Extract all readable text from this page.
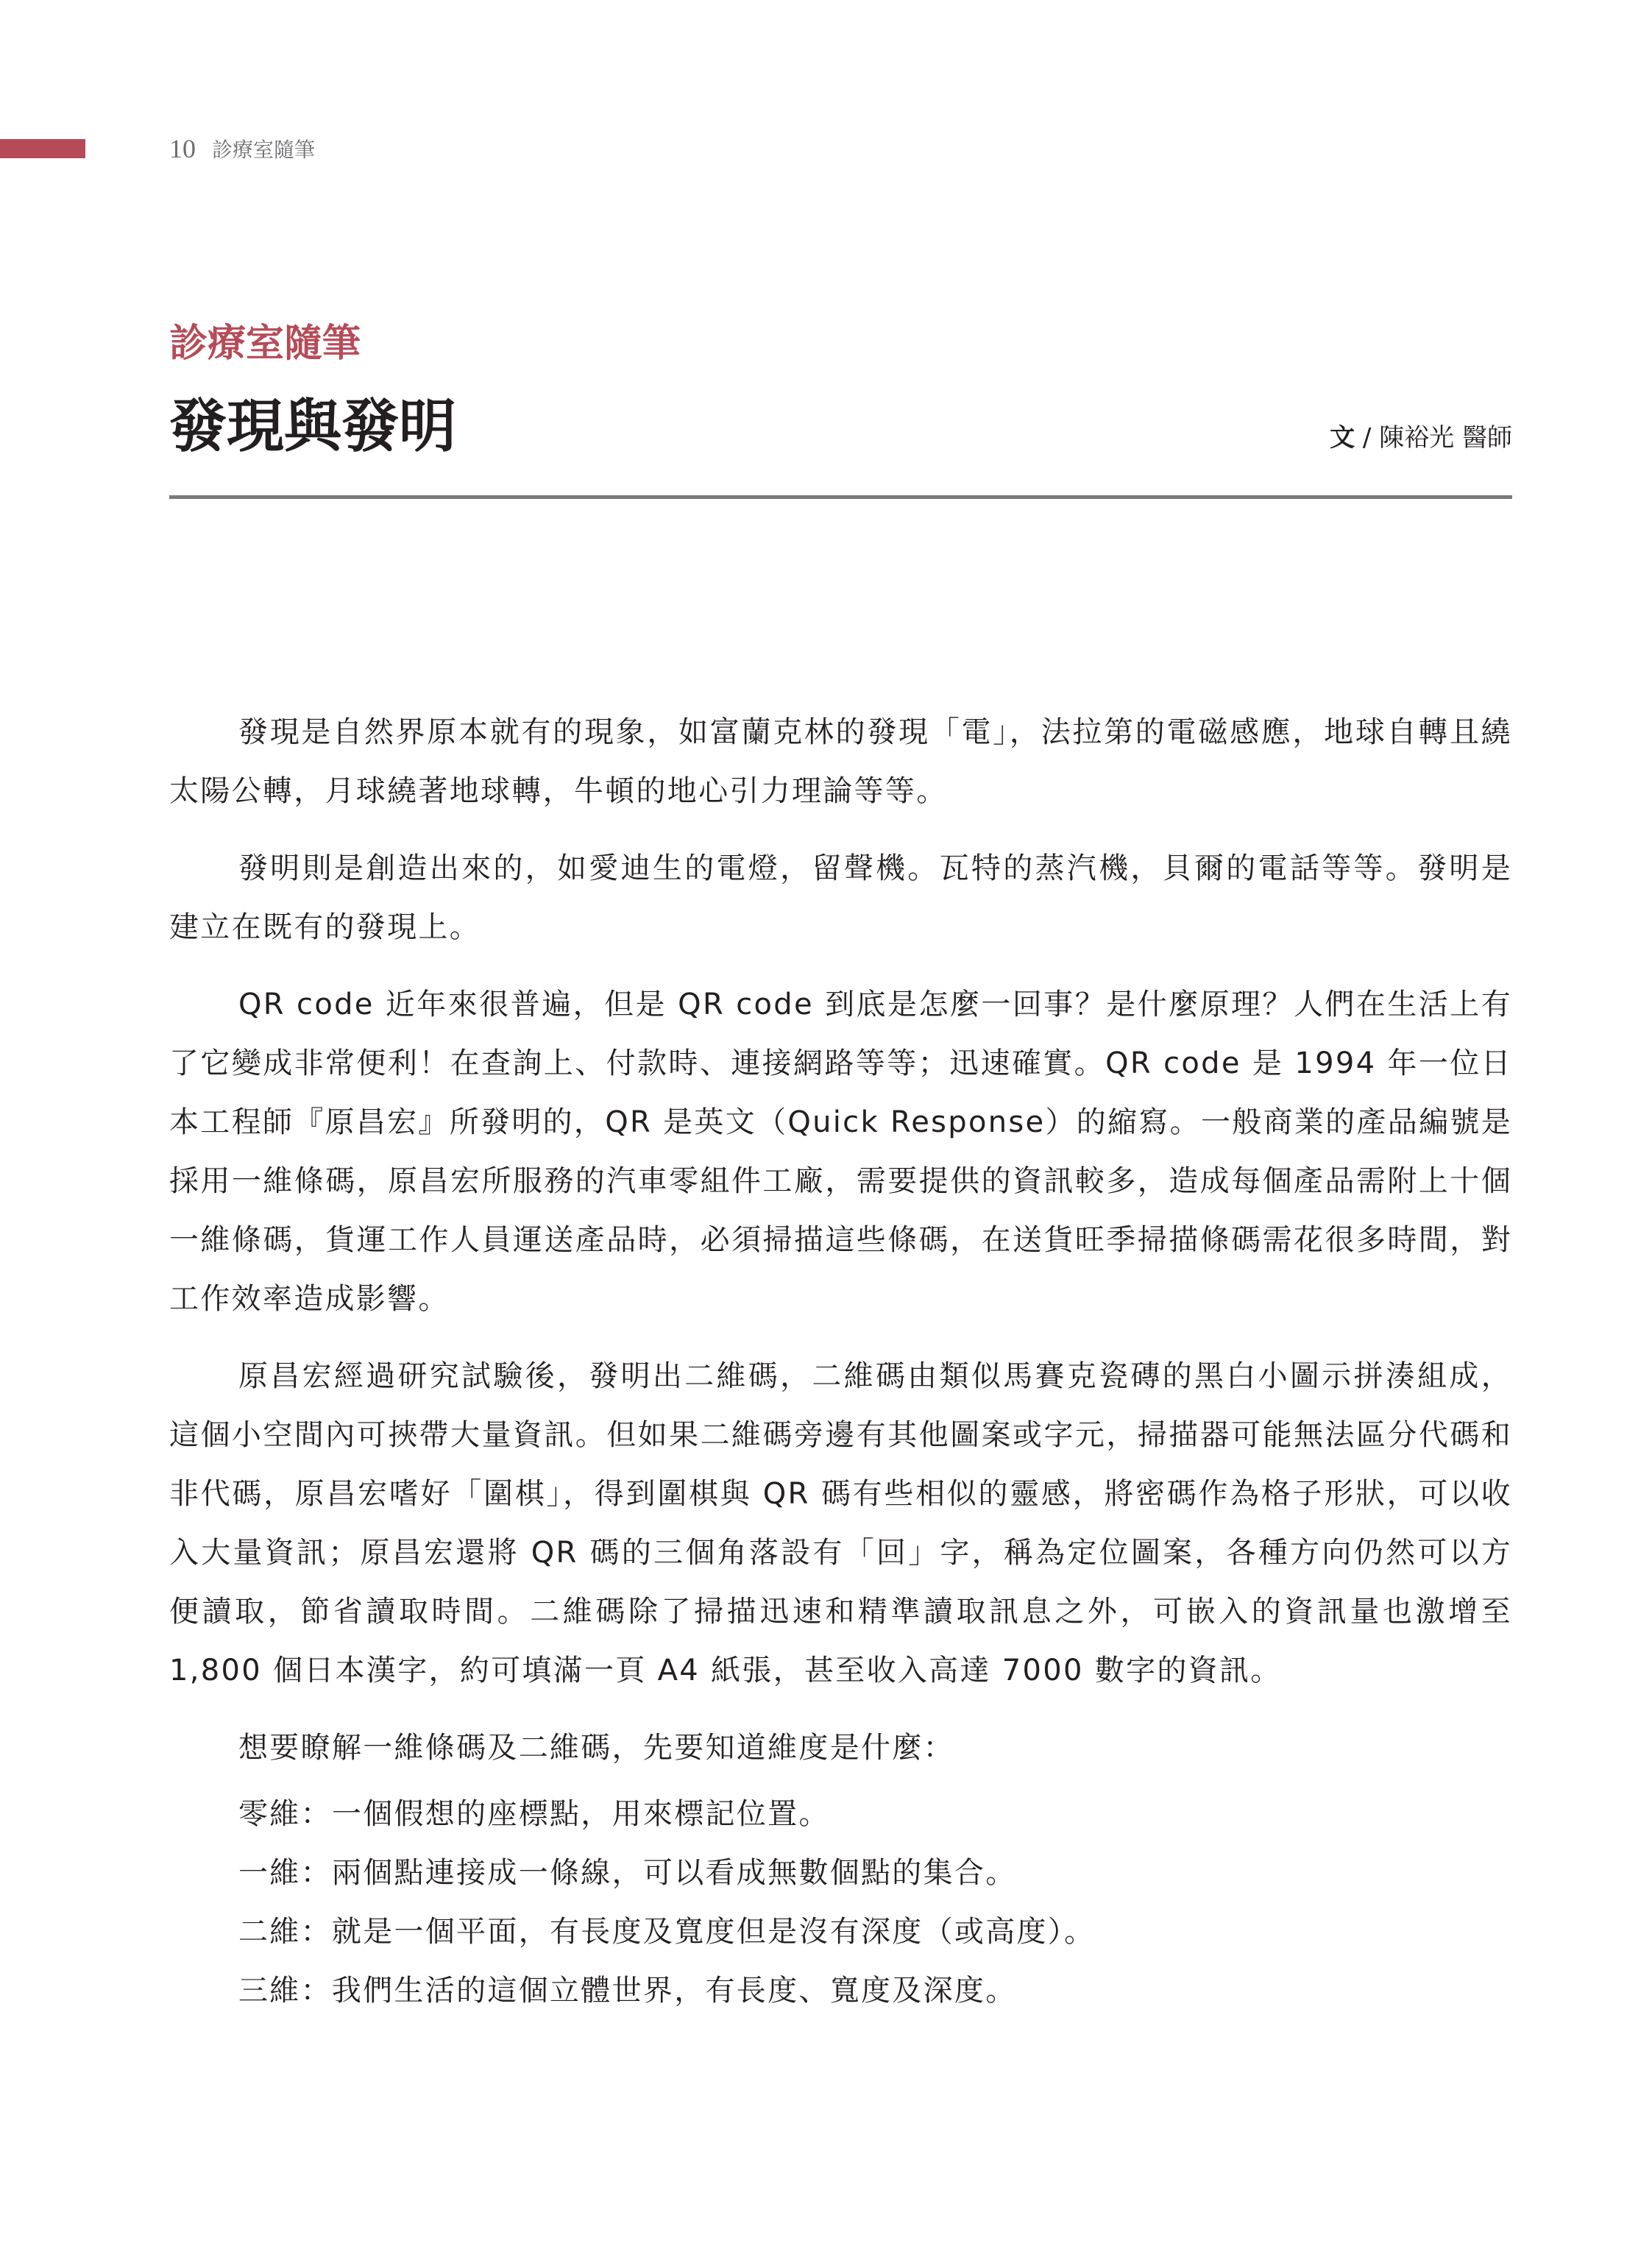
10 診療室隨筆
診療室隨筆
發現與發明	文 / 陳裕光 醫師

發現是自然界原本就有的現象，如富蘭克林的發現「電」，法拉第的電磁感應，地球自轉且繞太陽公轉，月球繞著地球轉，牛頓的地心引力理論等等。

發明則是創造出來的，如愛迪生的電燈，留聲機。瓦特的蒸汽機，貝爾的電話等等。發明是建立在既有的發現上。

QR code 近年來很普遍，但是 QR code 到底是怎麼一回事？是什麼原理？人們在生活上有了它變成非常便利！在查詢上、付款時、連接網路等等；迅速確實。QR code 是 1994 年一位日本工程師『原昌宏』所發明的，QR 是英文（Quick Response）的縮寫。一般商業的產品編號是採用一維條碼，原昌宏所服務的汽車零組件工廠，需要提供的資訊較多，造成每個產品需附上十個一維條碼，貨運工作人員運送產品時，必須掃描這些條碼，在送貨旺季掃描條碼需花很多時間，對工作效率造成影響。

原昌宏經過研究試驗後，發明出二維碼，二維碼由類似馬賽克瓷磚的黑白小圖示拼湊組成，這個小空間內可挾帶大量資訊。但如果二維碼旁邊有其他圖案或字元，掃描器可能無法區分代碼和非代碼，原昌宏嗜好「圍棋」，得到圍棋與 QR 碼有些相似的靈感，將密碼作為格子形狀，可以收入大量資訊；原昌宏還將 QR 碼的三個角落設有「回」字，稱為定位圖案，各種方向仍然可以方便讀取，節省讀取時間。二維碼除了掃描迅速和精準讀取訊息之外，可嵌入的資訊量也激增至 1,800 個日本漢字，約可填滿一頁 A4 紙張，甚至收入高達 7000 數字的資訊。

想要瞭解一維條碼及二維碼，先要知道維度是什麼：

零維：一個假想的座標點，用來標記位置。

一維：兩個點連接成一條線，可以看成無數個點的集合。

二維：就是一個平面，有長度及寬度但是沒有深度（或高度）。

三維：我們生活的這個立體世界，有長度、寬度及深度。
